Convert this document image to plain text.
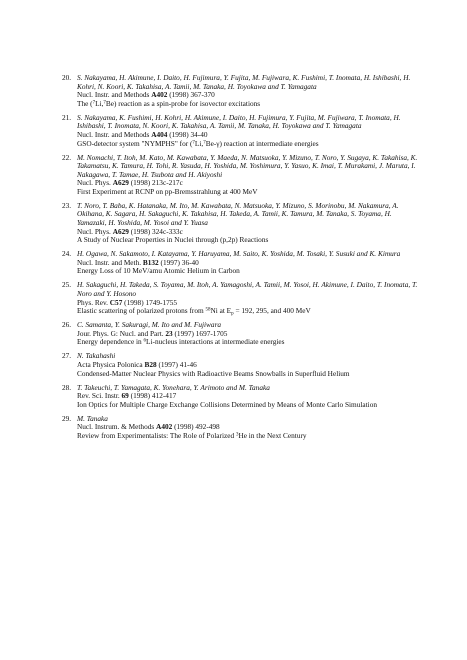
20. S. Nakayama, H. Akimune, I. Daito, H. Fujimura, Y. Fujita, M. Fujiwara, K. Fushimi, T. Inomata, H. Ishibashi, H. Kohri, N. Koori, K. Takahisa, A. Tamii, M. Tanaka, H. Toyokawa and T. Yamagata
Nucl. Instr. and Methods A402 (1998) 367-370
The ($^7$Li,$^7$Be) reaction as a spin-probe for isovector excitations
21. S. Nakayama, K. Fushimi, H. Kohri, H. Akimune, I. Daito, H. Fujimura, Y. Fujita, M. Fujiwara, T. Inomata, H. Ishibashi, T. Inomata, N. Koori, K. Takahisa, A. Tamii, M. Tanaka, H. Toyokawa and T. Yamagata
Nucl. Instr. and Methods A404 (1998) 34-40
GSO-detector system "NYMPHS" for ($^7$Li,$^7$Be-γ) reaction at intermediate energies
22. M. Nomachi, T. Itoh, M. Kato, M. Kawabata, Y. Maeda, N. Matsuoka, Y. Mizuno, T. Noro, Y. Sugaya, K. Takahisa, K. Takamatsu, K. Tamura, H. Tohi, R. Yasuda, H. Yoshida, M. Yoshimura, Y. Yasuo, K. Imai, T. Murakami, J. Maruta, I. Nakagawa, T. Tamae, H. Tsubota and H. Akiyoshi
Nucl. Phys. A629 (1998) 213c-217c
First Experiment at RCNP on pp-Bremsstrahlung at 400 MeV
23. T. Noro, T. Baba, K. Hatanaka, M. Ito, M. Kawabata, N. Matsuoka, Y. Mizuno, S. Morinobu, M. Nakamura, A. Okihana, K. Sagara, H. Sakaguchi, K. Takahisa, H. Takeda, A. Tamii, K. Tamura, M. Tanaka, S. Toyama, H. Yamazaki, H. Yoshida, M. Yosoi and Y. Yuasa
Nucl. Phys. A629 (1998) 324c-333c
A Study of Nuclear Properties in Nuclei through (p,2p) Reactions
24. H. Ogawa, N. Sakamoto, I. Katayama, Y. Haruyama, M. Saito, K. Yoshida, M. Tosaki, Y. Susuki and K. Kimura
Nucl. Instr. and Meth. B132 (1997) 36-40
Energy Loss of 10 MeV/amu Atomic Helium in Carbon
25. H. Sakaguchi, H. Takeda, S. Toyama, M. Itoh, A. Yamagoshi, A. Tamii, M. Yosoi, H. Akimune, I. Daito, T. Inomata, T. Noro and Y. Hosono
Phys. Rev. C57 (1998) 1749-1755
Elastic scattering of polarized protons from $^{58}$Ni at $E_p = 192$, 295, and 400 MeV
26. C. Samanta, Y. Sakuragi, M. Ito and M. Fujiwara
Jour. Phys. G: Nucl. and Part. 23 (1997) 1697-1705
Energy dependence in $^6$Li-nucleus interactions at intermediate energies
27. N. Takahashi
Acta Physica Polonica B28 (1997) 41-46
Condensed-Matter Nuclear Physics with Radioactive Beams Snowballs in Superfluid Helium
28. T. Takeuchi, T. Yamagata, K. Yonehara, Y. Arimoto and M. Tanaka
Rev. Sci. Instr. 69 (1998) 412-417
Ion Optics for Multiple Charge Exchange Collisions Determined by Means of Monte Carlo Simulation
29. M. Tanaka
Nucl. Instrum. & Methods A402 (1998) 492-498
Review from Experimentalists: The Role of Polarized $^3$He in the Next Century
